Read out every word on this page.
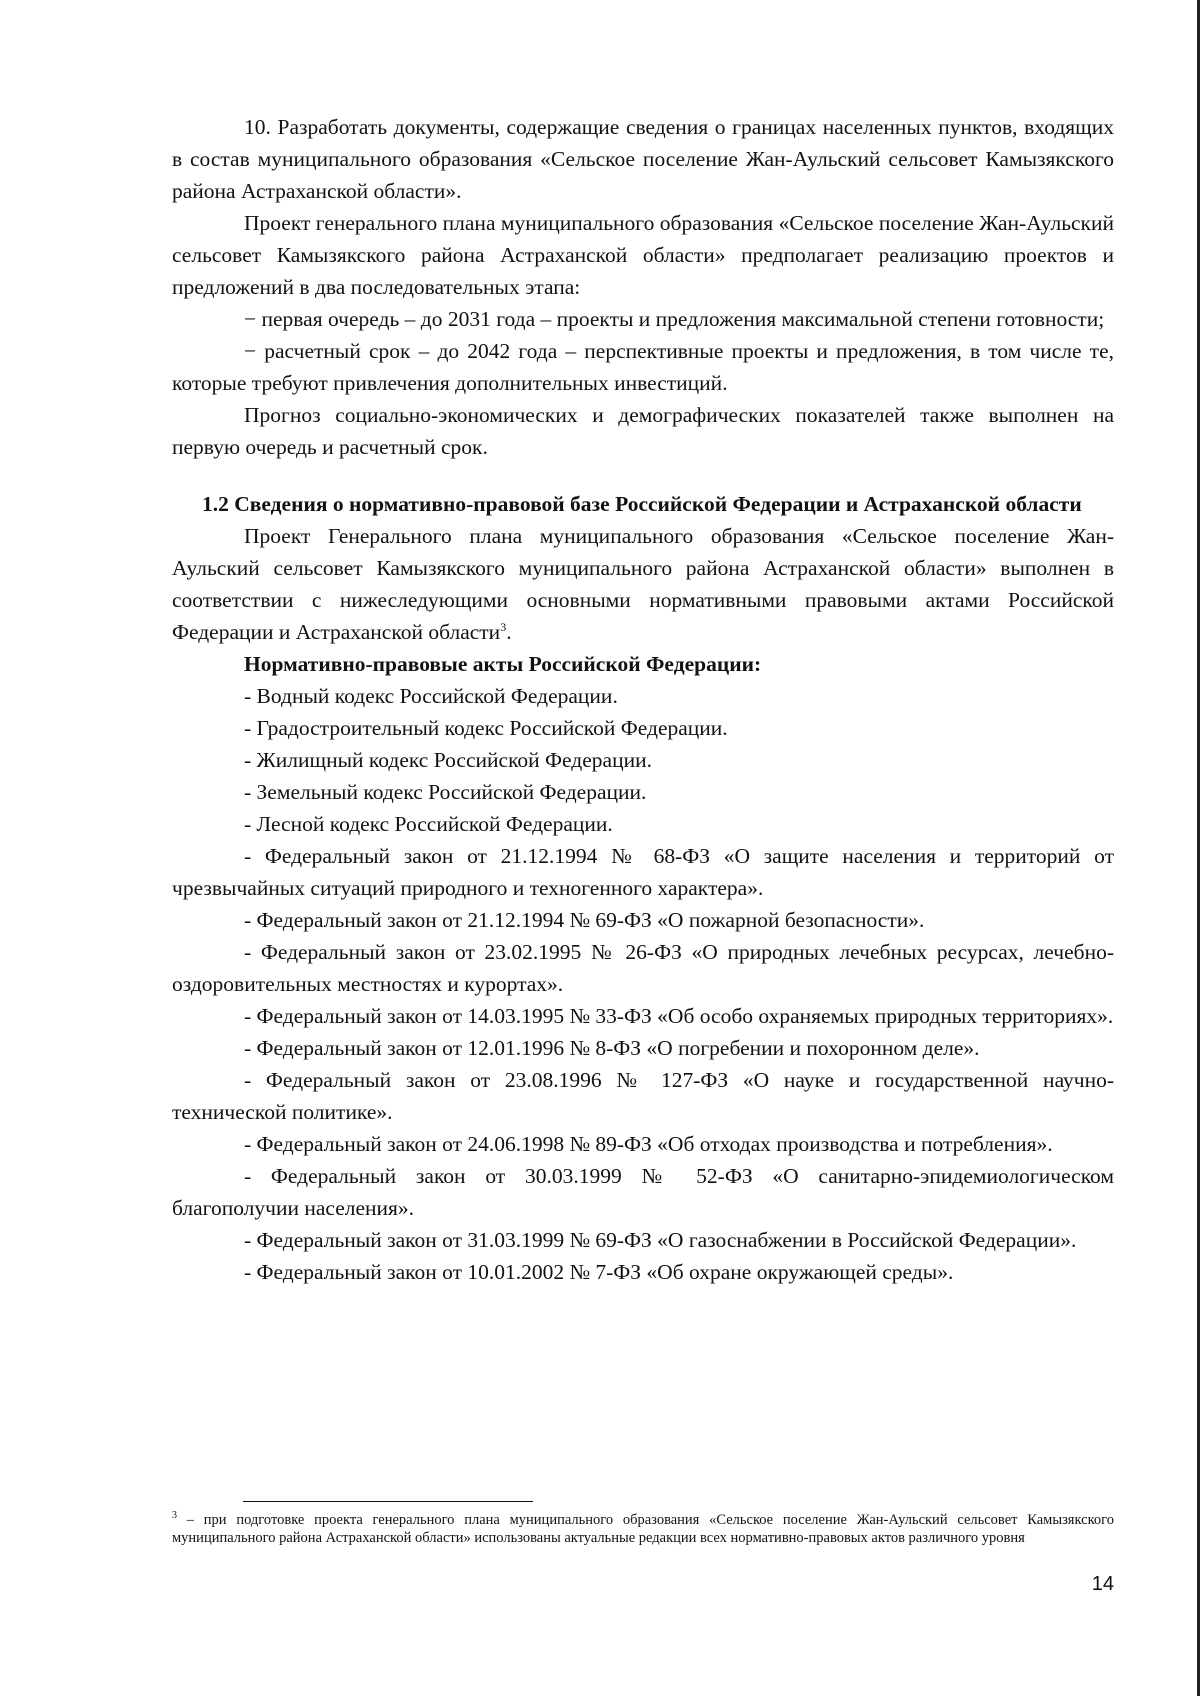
10. Разработать документы, содержащие сведения о границах населенных пунктов, входящих в состав муниципального образования «Сельское поселение Жан-Аульский сельсовет Камызякского района Астраханской области».

Проект генерального плана муниципального образования «Сельское поселение Жан-Аульский сельсовет Камызякского района Астраханской области» предполагает реализацию проектов и предложений в два последовательных этапа:

− первая очередь – до 2031 года – проекты и предложения максимальной степени готовности;

− расчетный срок – до 2042 года – перспективные проекты и предложения, в том числе те, которые требуют привлечения дополнительных инвестиций.

Прогноз социально-экономических и демографических показателей также выполнен на первую очередь и расчетный срок.

1.2 Сведения о нормативно-правовой базе Российской Федерации и Астраханской области

Проект Генерального плана муниципального образования «Сельское поселение Жан-Аульский сельсовет Камызякского муниципального района Астраханской области» выполнен в соответствии с нижеследующими основными нормативными правовыми актами Российской Федерации и Астраханской области$^3$.

Нормативно-правовые акты Российской Федерации:

- Водный кодекс Российской Федерации.

- Градостроительный кодекс Российской Федерации.

- Жилищный кодекс Российской Федерации.

- Земельный кодекс Российской Федерации.

- Лесной кодекс Российской Федерации.

- Федеральный закон от 21.12.1994 № 68-ФЗ «О защите населения и территорий от чрезвычайных ситуаций природного и техногенного характера».

- Федеральный закон от 21.12.1994 № 69-ФЗ «О пожарной безопасности».

- Федеральный закон от 23.02.1995 № 26-ФЗ «О природных лечебных ресурсах, лечебно-оздоровительных местностях и курортах».

- Федеральный закон от 14.03.1995 № 33-ФЗ «Об особо охраняемых природных территориях».

- Федеральный закон от 12.01.1996 № 8-ФЗ «О погребении и похоронном деле».

- Федеральный закон от 23.08.1996 № 127-ФЗ «О науке и государственной научно-технической политике».

- Федеральный закон от 24.06.1998 № 89-ФЗ «Об отходах производства и потребления».

- Федеральный закон от 30.03.1999 № 52-ФЗ «О санитарно-эпидемиологическом благополучии населения».

- Федеральный закон от 31.03.1999 № 69-ФЗ «О газоснабжении в Российской Федерации».

- Федеральный закон от 10.01.2002 № 7-ФЗ «Об охране окружающей среды».

$^3$ – при подготовке проекта генерального плана муниципального образования «Сельское поселение Жан-Аульский сельсовет Камызякского муниципального района Астраханской области» использованы актуальные редакции всех нормативно-правовых актов различного уровня
14
